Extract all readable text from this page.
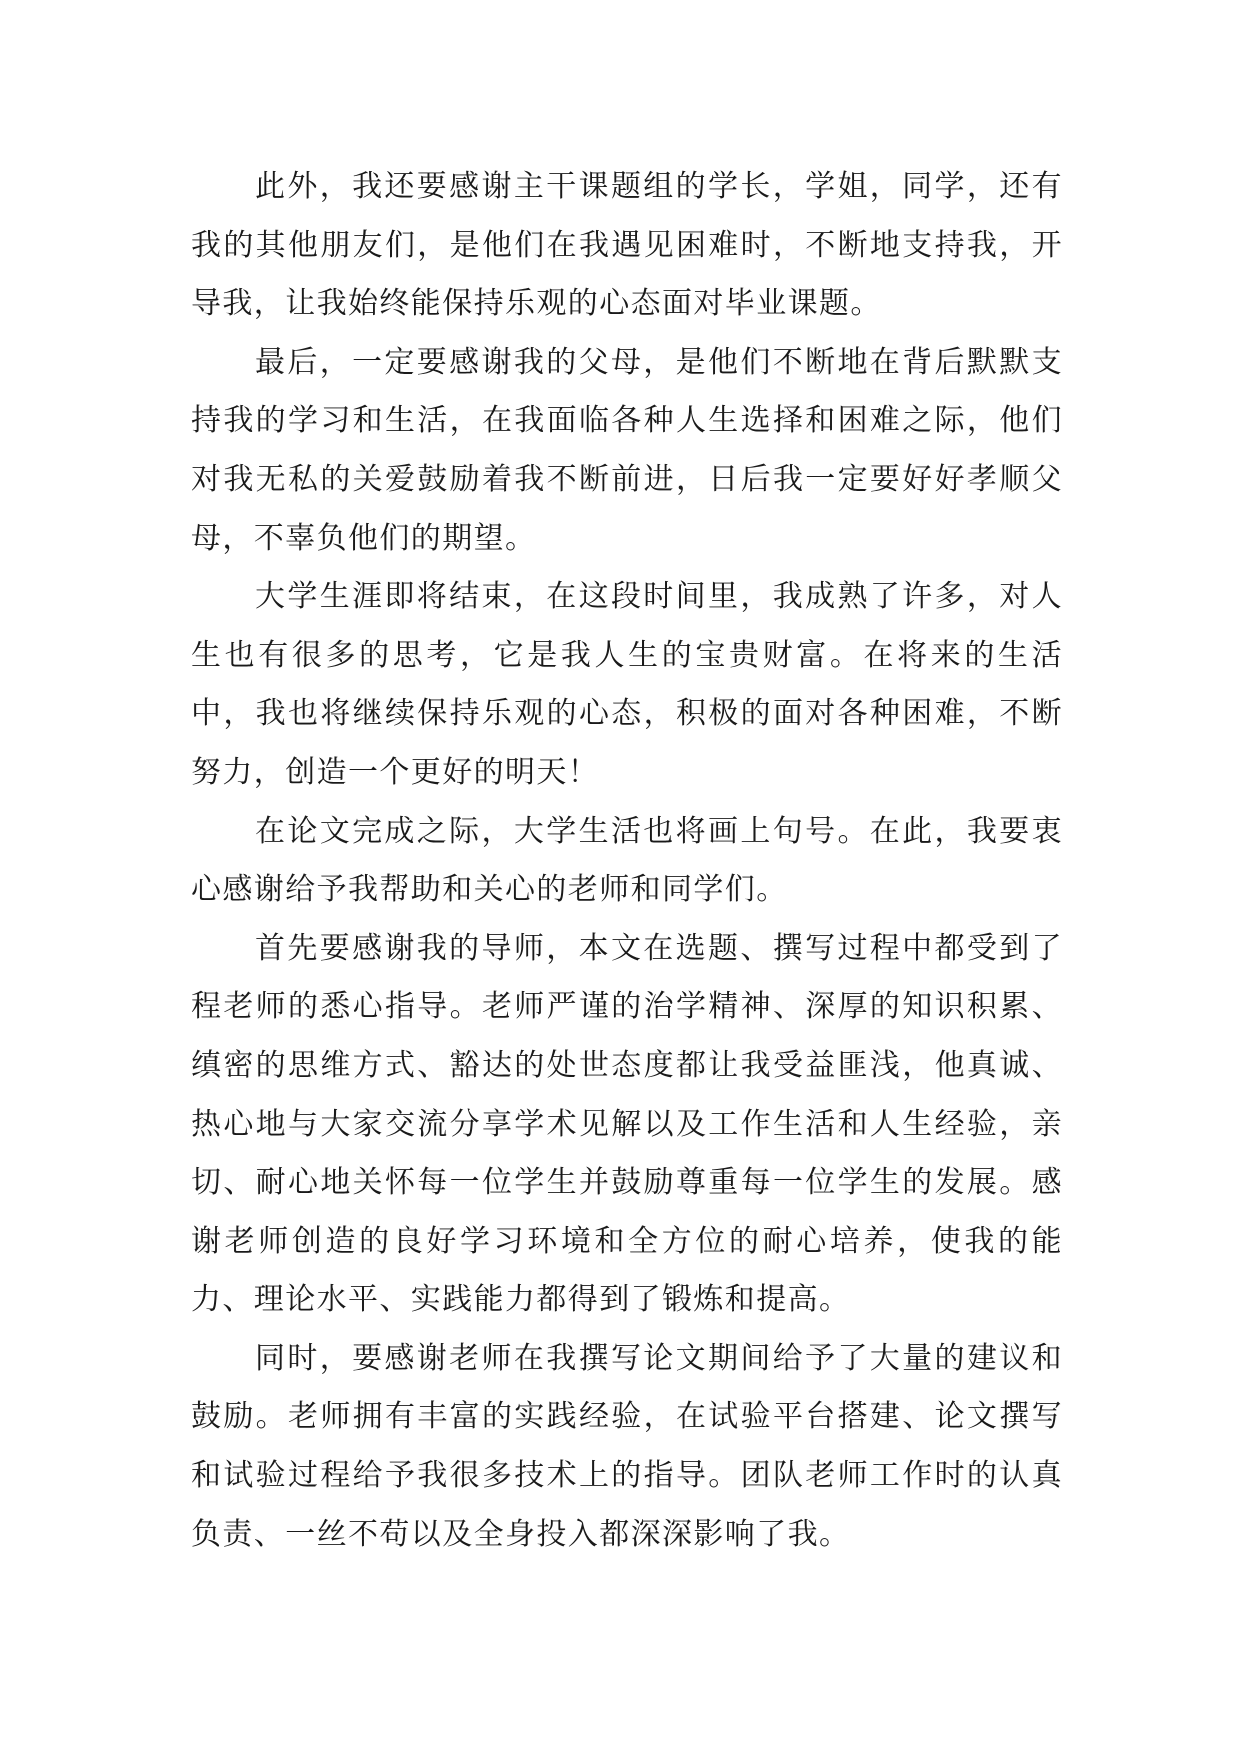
此外，我还要感谢主干课题组的学长，学姐，同学，还有我的其他朋友们，是他们在我遇见困难时，不断地支持我，开导我，让我始终能保持乐观的心态面对毕业课题。

最后，一定要感谢我的父母，是他们不断地在背后默默支持我的学习和生活，在我面临各种人生选择和困难之际，他们对我无私的关爱鼓励着我不断前进，日后我一定要好好孝顺父母，不辜负他们的期望。

大学生涯即将结束，在这段时间里，我成熟了许多，对人生也有很多的思考，它是我人生的宝贵财富。在将来的生活中，我也将继续保持乐观的心态，积极的面对各种困难，不断努力，创造一个更好的明天！

在论文完成之际，大学生活也将画上句号。在此，我要衷心感谢给予我帮助和关心的老师和同学们。

首先要感谢我的导师，本文在选题、撰写过程中都受到了程老师的悉心指导。老师严谨的治学精神、深厚的知识积累、缜密的思维方式、豁达的处世态度都让我受益匪浅，他真诚、热心地与大家交流分享学术见解以及工作生活和人生经验，亲切、耐心地关怀每一位学生并鼓励尊重每一位学生的发展。感谢老师创造的良好学习环境和全方位的耐心培养，使我的能力、理论水平、实践能力都得到了锻炼和提高。

同时，要感谢老师在我撰写论文期间给予了大量的建议和鼓励。老师拥有丰富的实践经验，在试验平台搭建、论文撰写和试验过程给予我很多技术上的指导。团队老师工作时的认真负责、一丝不苟以及全身投入都深深影响了我。
